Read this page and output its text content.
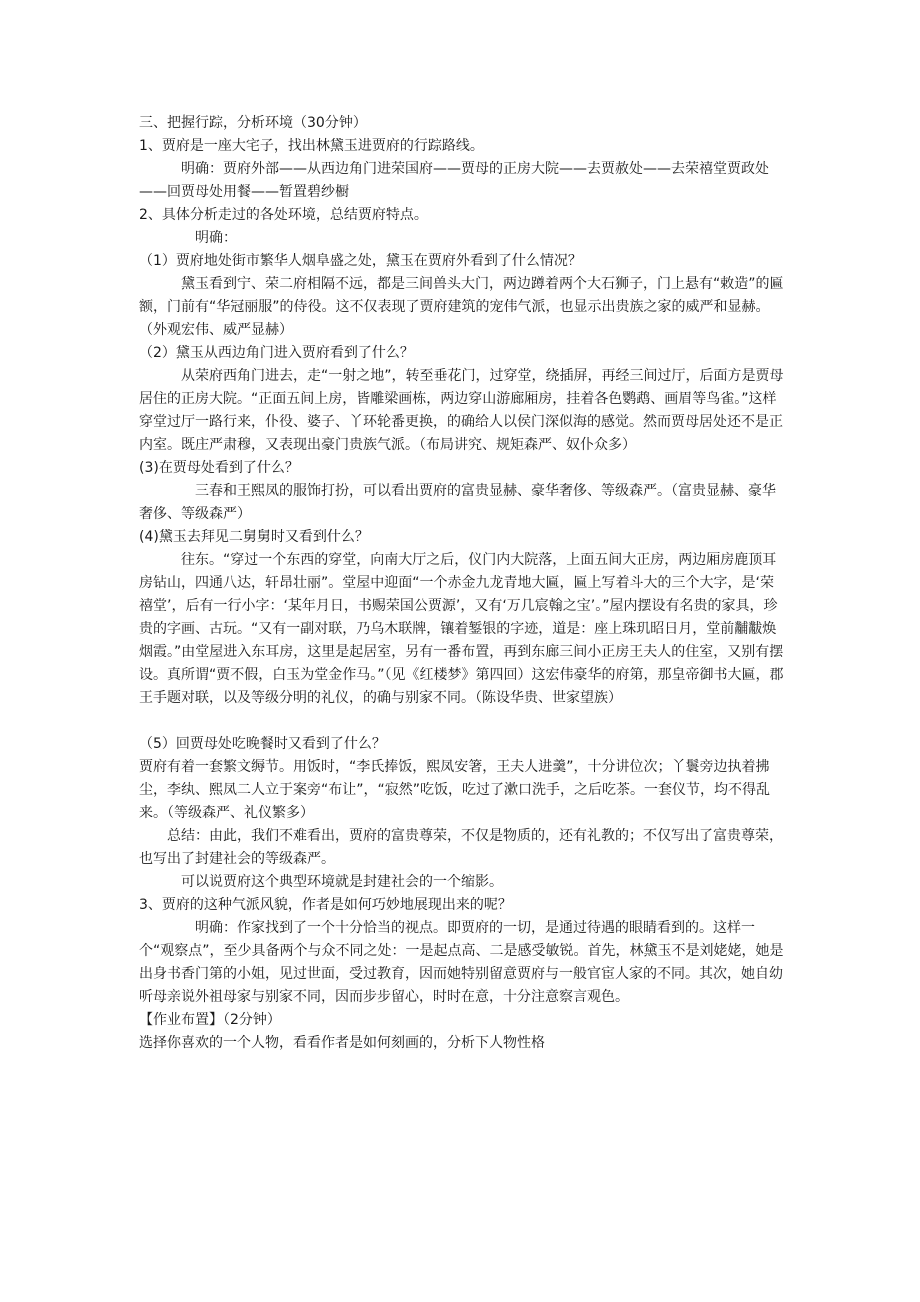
三、把握行踪，分析环境（30分钟）

1、贾府是一座大宅子，找出林黛玉进贾府的行踪路线。

明确：贾府外部——从西边角门进荣国府——贾母的正房大院——去贾赦处——去荣禧堂贾政处——回贾母处用餐——暂置碧纱橱

2、具体分析走过的各处环境，总结贾府特点。

明确：

（1）贾府地处街市繁华人烟阜盛之处，黛玉在贾府外看到了什么情况？

黛玉看到宁、荣二府相隔不远，都是三间兽头大门，两边蹲着两个大石狮子，门上悬有“敕造”的匾额，门前有“华冠丽服”的侍役。这不仅表现了贾府建筑的宠伟气派，也显示出贵族之家的威严和显赫。（外观宏伟、威严显赫）

（2）黛玉从西边角门进入贾府看到了什么？

从荣府西角门进去，走“一射之地”，转至垂花门，过穿堂，绕插屏，再经三间过厅，后面方是贾母居住的正房大院。“正面五间上房，皆雕梁画栋，两边穿山游廊厢房，挂着各色鹦鹉、画眉等鸟雀。”这样穿堂过厅一路行来，仆役、婆子、丫环轮番更换，的确给人以侯门深似海的感觉。然而贾母居处还不是正内室。既庄严肃穆，又表现出豪门贵族气派。（布局讲究、规矩森严、奴仆众多）

(3)在贾母处看到了什么？

三春和王熙凤的服饰打扮，可以看出贾府的富贵显赫、豪华奢侈、等级森严。（富贵显赫、豪华奢侈、等级森严）

(4)黛玉去拜见二舅舅时又看到什么？

往东。“穿过一个东西的穿堂，向南大厅之后，仪门内大院落，上面五间大正房，两边厢房鹿顶耳房钻山，四通八达，轩昂壮丽”。堂屋中迎面“一个赤金九龙青地大匾，匾上写着斗大的三个大字，是‘荣禧堂’，后有一行小字：‘某年月日，书赐荣国公贾源’，又有‘万几宸翰之宝’。”屋内摆设有名贵的家具，珍贵的字画、古玩。“又有一副对联，乃乌木联牌，镶着錾银的字迹，道是：座上珠玑昭日月，堂前黼黻焕烟霞。”由堂屋进入东耳房，这里是起居室，另有一番布置，再到东廊三间小正房王夫人的住室，又别有摆设。真所谓“贾不假，白玉为堂金作马。”（见《红楼梦》第四回）这宏伟豪华的府第，那皇帝御书大匾，郡王手题对联，以及等级分明的礼仪，的确与别家不同。（陈设华贵、世家望族）

（5）回贾母处吃晚餐时又看到了什么？

贾府有着一套繁文缛节。用饭时，“李氏捧饭，熙凤安箸，王夫人进羹”，十分讲位次；丫鬟旁边执着拂尘，李纨、熙凤二人立于案旁“布让”，“寂然”吃饭，吃过了漱口洗手，之后吃茶。一套仪节，均不得乱来。（等级森严、礼仪繁多）

总结：由此，我们不难看出，贾府的富贵尊荣，不仅是物质的，还有礼教的；不仅写出了富贵尊荣，也写出了封建社会的等级森严。

可以说贾府这个典型环境就是封建社会的一个缩影。

3、贾府的这种气派风貌，作者是如何巧妙地展现出来的呢？

明确：作家找到了一个十分恰当的视点。即贾府的一切，是通过待遇的眼睛看到的。这样一个“观察点”，至少具备两个与众不同之处：一是起点高、二是感受敏锐。首先，林黛玉不是刘姥姥，她是出身书香门第的小姐，见过世面，受过教育，因而她特别留意贾府与一般官宦人家的不同。其次，她自幼听母亲说外祖母家与别家不同，因而步步留心，时时在意，十分注意察言观色。

【作业布置】（2分钟）

选择你喜欢的一个人物，看看作者是如何刻画的，分析下人物性格
